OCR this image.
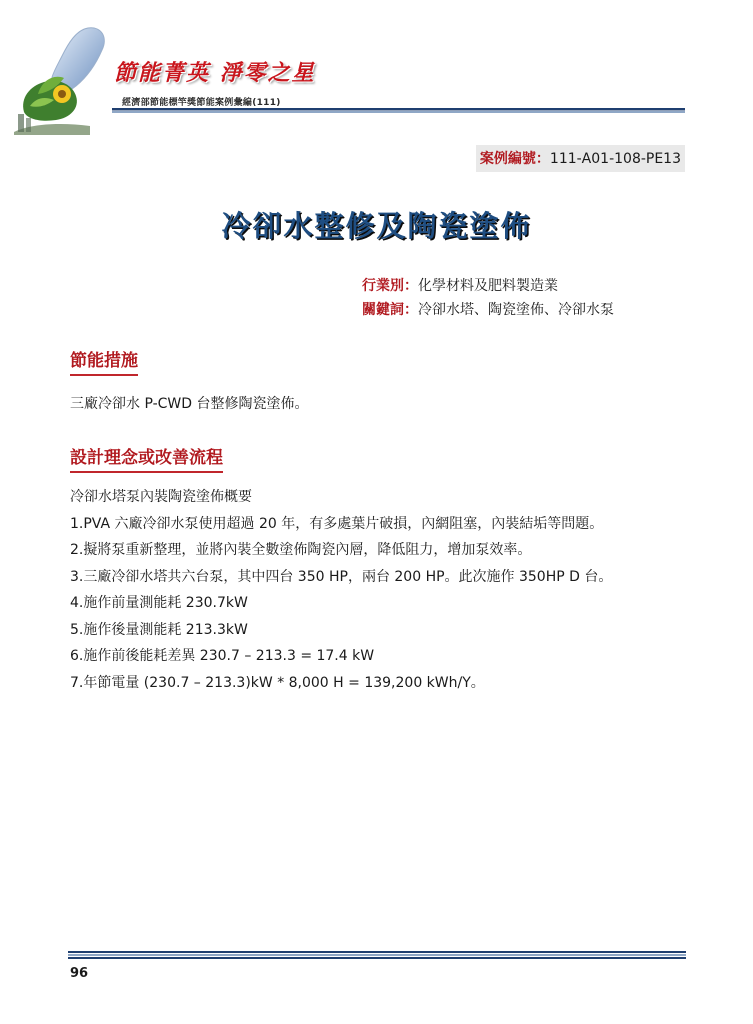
節能菁英 淨零之星
經濟部節能標竿獎節能案例彙編(111)
案例編號：111-A01-108-PE13
冷卻水整修及陶瓷塗佈
行業別：化學材料及肥料製造業
關鍵詞：冷卻水塔、陶瓷塗佈、冷卻水泵
節能措施
三廠冷卻水 P-CWD 台整修陶瓷塗佈。
設計理念或改善流程
冷卻水塔泵內裝陶瓷塗佈概要
1.PVA 六廠冷卻水泵使用超過 20 年，有多處葉片破損，內網阻塞，內裝結垢等問題。
2.擬將泵重新整理，並將內裝全數塗佈陶瓷內層，降低阻力，增加泵效率。
3.三廠冷卻水塔共六台泵，其中四台 350 HP，兩台 200 HP。此次施作 350HP D 台。
4.施作前量測能耗 230.7kW
5.施作後量測能耗 213.3kW
6.施作前後能耗差異 230.7 – 213.3 = 17.4 kW
7.年節電量 (230.7 – 213.3)kW * 8,000 H = 139,200 kWh/Y。
96
